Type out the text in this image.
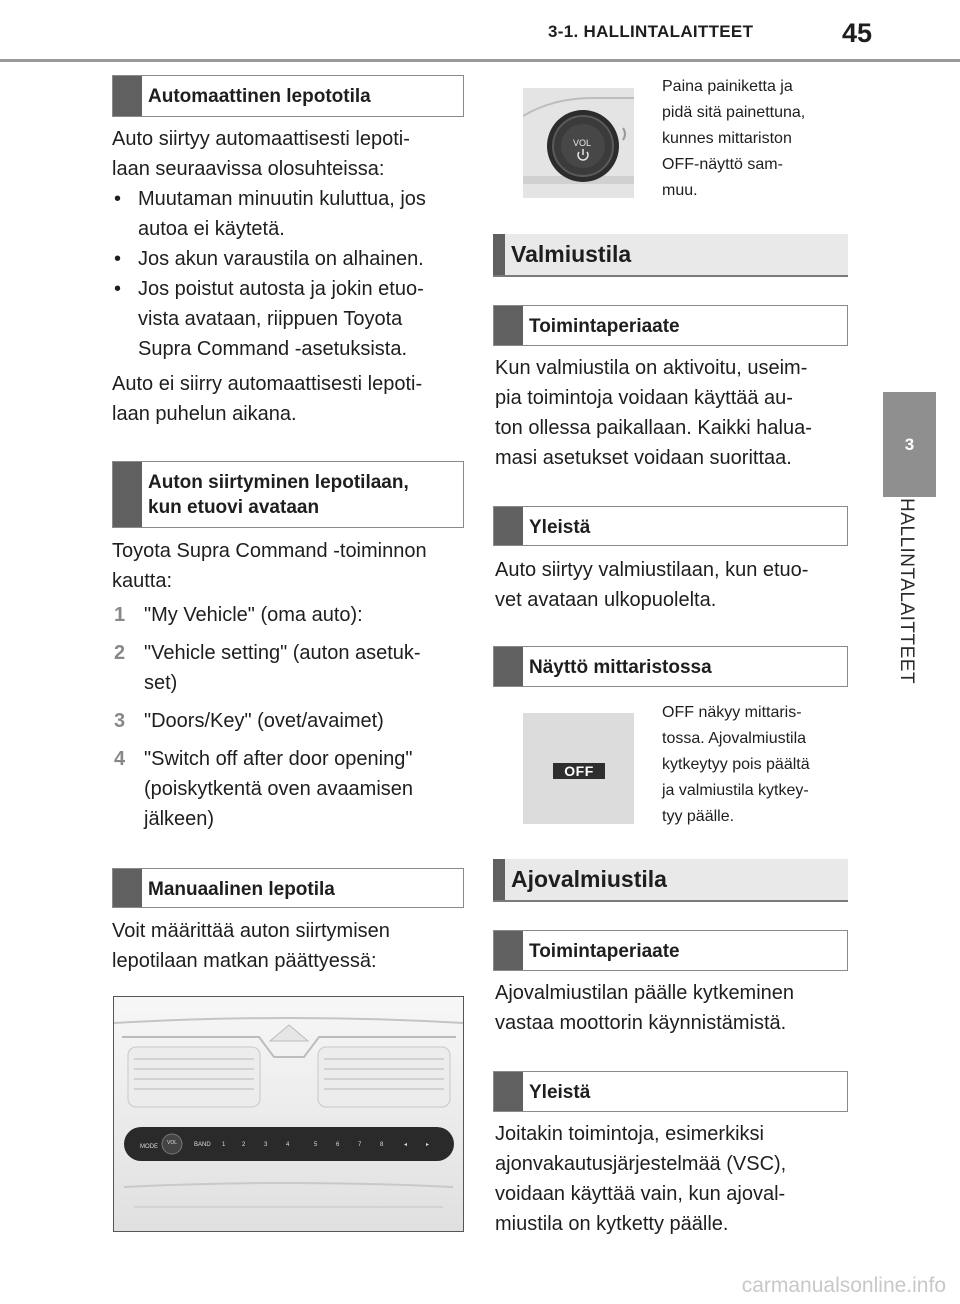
3-1. HALLINTALAITTEET	45
3
HALLINTALAITTEET
Automaattinen lepototila
Auto siirtyy automaattisesti lepoti-
laan seuraavissa olosuhteissa:
• Muutaman minuutin kuluttua, jos
autoa ei käytetä.
• Jos akun varaustila on alhainen.
• Jos poistut autosta ja jokin etuo-
vista avataan, riippuen Toyota
Supra Command -asetuksista.
Auto ei siirry automaattisesti lepoti-
laan puhelun aikana.
Auton siirtyminen lepotilaan,
kun etuovi avataan
Toyota Supra Command -toiminnon
kautta:
1 "My Vehicle" (oma auto):
2 "Vehicle setting" (auton asetuk-
set)
3 "Doors/Key" (ovet/avaimet)
4 "Switch off after door opening"
(poiskytkentä oven avaamisen
jälkeen)
Manuaalinen lepotila
Voit määrittää auton siirtymisen
lepotilaan matkan päättyessä:
MODE
VOL	BAND 1	2	3	4	5	6	7	8	◂	▸
VOL
Paina painiketta ja
pidä sitä painettuna,
kunnes mittariston
OFF-näyttö sam-
muu.
Valmiustila
Toimintaperiaate
Kun valmiustila on aktivoitu, useim-
pia toimintoja voidaan käyttää au-
ton ollessa paikallaan. Kaikki halua-
masi asetukset voidaan suorittaa.
Yleistä
Auto siirtyy valmiustilaan, kun etuo-
vet avataan ulkopuolelta.
Näyttö mittaristossa
OFF
OFF näkyy mittaris-
tossa. Ajovalmiustila
kytkeytyy pois päältä
ja valmiustila kytkey-
tyy päälle.
Ajovalmiustila
Toimintaperiaate
Ajovalmiustilan päälle kytkeminen
vastaa moottorin käynnistämistä.
Yleistä
Joitakin toimintoja, esimerkiksi
ajonvakautusjärjestelmää (VSC),
voidaan käyttää vain, kun ajoval-
miustila on kytketty päälle.
carmanualsonline.info
